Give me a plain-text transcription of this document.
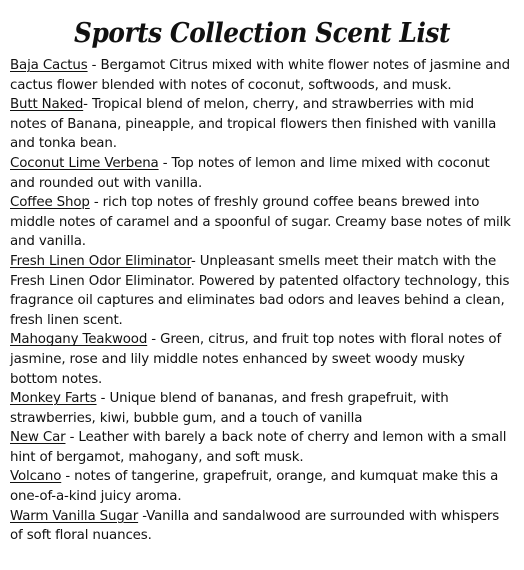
Sports Collection Scent List

Baja Cactus - Bergamot Citrus mixed with white flower notes of jasmine and cactus flower blended with notes of coconut, softwoods, and musk.

Butt Naked- Tropical blend of melon, cherry, and strawberries with mid notes of Banana, pineapple, and tropical flowers then finished with vanilla and tonka bean.

Coconut Lime Verbena - Top notes of lemon and lime mixed with coconut and rounded out with vanilla.

Coffee Shop - rich top notes of freshly ground coffee beans brewed into middle notes of caramel and a spoonful of sugar. Creamy base notes of milk and vanilla.

Fresh Linen Odor Eliminator- Unpleasant smells meet their match with the Fresh Linen Odor Eliminator. Powered by patented olfactory technology, this fragrance oil captures and eliminates bad odors and leaves behind a clean, fresh linen scent.

Mahogany Teakwood - Green, citrus, and fruit top notes with floral notes of jasmine, rose and lily middle notes enhanced by sweet woody musky bottom notes.

Monkey Farts - Unique blend of bananas, and fresh grapefruit, with strawberries, kiwi, bubble gum, and a touch of vanilla

New Car - Leather with barely a back note of cherry and lemon with a small hint of bergamot, mahogany, and soft musk.

Volcano - notes of tangerine, grapefruit, orange, and kumquat make this a one-of-a-kind juicy aroma.

Warm Vanilla Sugar -Vanilla and sandalwood are surrounded with whispers of soft floral nuances.
